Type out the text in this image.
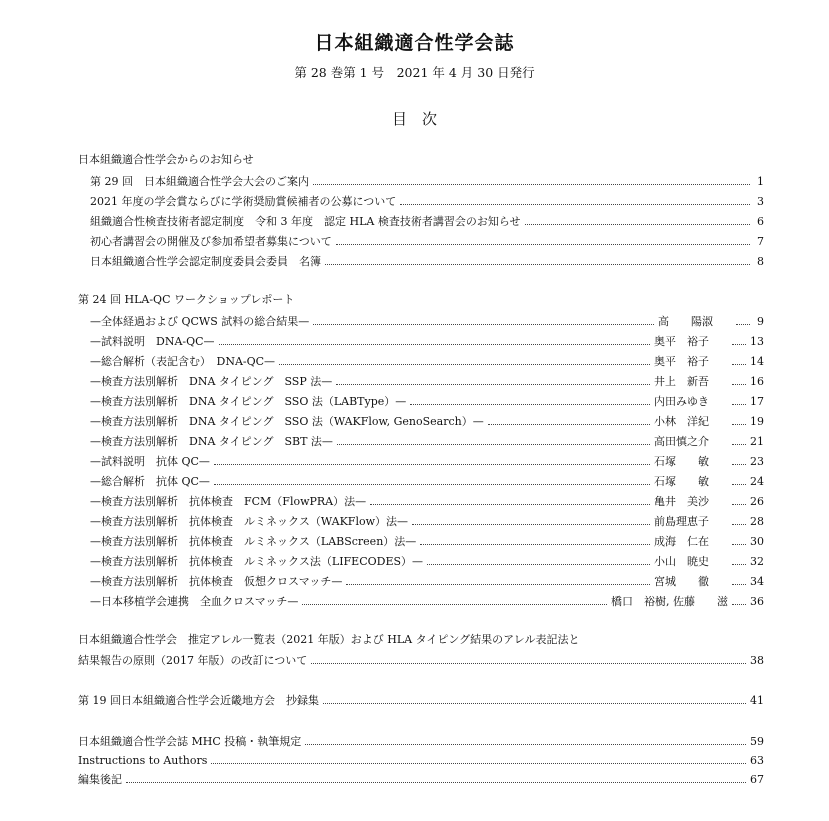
日本組織適合性学会誌
第 28 巻第 1 号　2021 年 4 月 30 日発行
目　次
日本組織適合性学会からのお知らせ
第 29 回　日本組織適合性学会大会のご案内	1
2021 年度の学会賞ならびに学術奨励賞候補者の公募について	3
組織適合性検査技術者認定制度　令和 3 年度　認定 HLA 検査技術者講習会のお知らせ	6
初心者講習会の開催及び参加希望者募集について	7
日本組織適合性学会認定制度委員会委員　名簿	8
第 24 回 HLA-QC ワークショップレポート
—全体経過および QCWS 試料の総合結果—	高　　陽淑	9
—試料説明　DNA-QC—	奥平　裕子	13
—総合解析（表記含む）　DNA-QC—	奥平　裕子	14
—検査方法別解析　DNA タイピング　SSP 法—	井上　新吾	16
—検査方法別解析　DNA タイピング　SSO 法（LABType）—	内田みゆき	17
—検査方法別解析　DNA タイピング　SSO 法（WAKFlow, GenoSearch）—	小林　洋紀	19
—検査方法別解析　DNA タイピング　SBT 法—	高田慎之介	21
—試料説明　抗体 QC—	石塚　　敏	23
—総合解析　抗体 QC—	石塚　　敏	24
—検査方法別解析　抗体検査　FCM（FlowPRA）法—	亀井　美沙	26
—検査方法別解析　抗体検査　ルミネックス（WAKFlow）法—	前島理恵子	28
—検査方法別解析　抗体検査　ルミネックス（LABScreen）法—	成海　仁在	30
—検査方法別解析　抗体検査　ルミネックス法（LIFECODES）—	小山　暁史	32
—検査方法別解析　抗体検査　仮想クロスマッチ—	宮城　　徹	34
—日本移植学会連携　全血クロスマッチ—	橋口　裕樹, 佐藤　　滋 36
日本組織適合性学会　推定アレル一覧表（2021 年版）および HLA タイピング結果のアレル表記法と
結果報告の原則（2017 年版）の改訂について	38
第 19 回日本組織適合性学会近畿地方会　抄録集	41
日本組織適合性学会誌 MHC 投稿・執筆規定	59
Instructions to Authors	63
編集後記	67
